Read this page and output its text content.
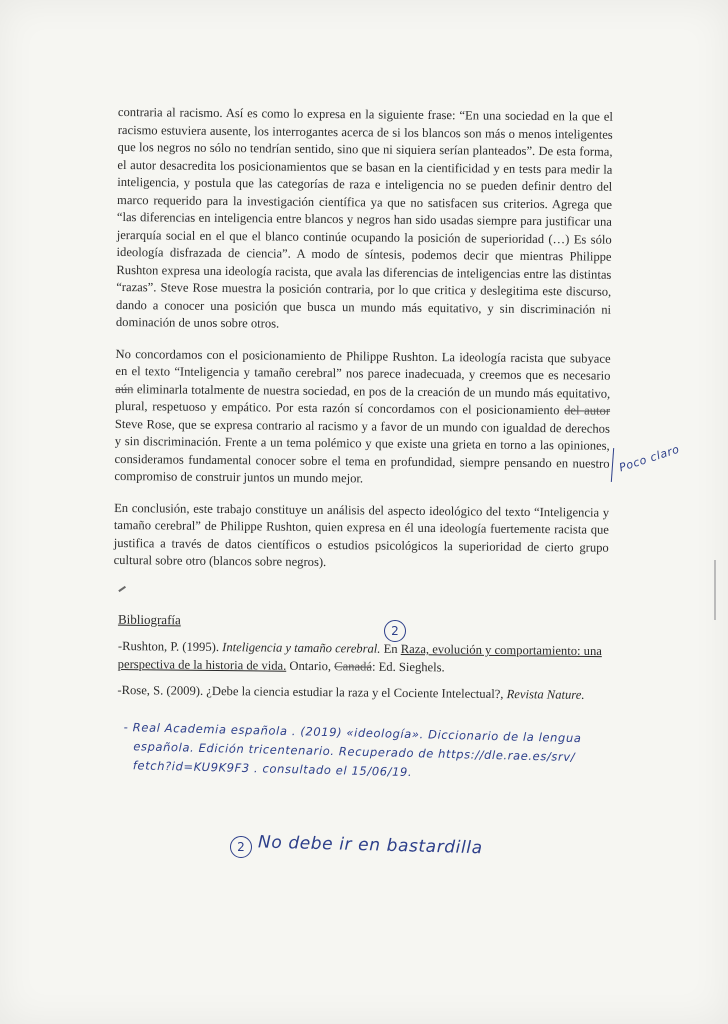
contraria al racismo. Así es como lo expresa en la siguiente frase: “En una sociedad en la que el racismo estuviera ausente, los interrogantes acerca de si los blancos son más o menos inteligentes que los negros no sólo no tendrían sentido, sino que ni siquiera serían planteados”. De esta forma, el autor desacredita los posicionamientos que se basan en la cientificidad y en tests para medir la inteligencia, y postula que las categorías de raza e inteligencia no se pueden definir dentro del marco requerido para la investigación científica ya que no satisfacen sus criterios. Agrega que “las diferencias en inteligencia entre blancos y negros han sido usadas siempre para justificar una jerarquía social en el que el blanco continúe ocupando la posición de superioridad (…) Es sólo ideología disfrazada de ciencia”. A modo de síntesis, podemos decir que mientras Philippe Rushton expresa una ideología racista, que avala las diferencias de inteligencias entre las distintas “razas”. Steve Rose muestra la posición contraria, por lo que critica y deslegitima este discurso, dando a conocer una posición que busca un mundo más equitativo, y sin discriminación ni dominación de unos sobre otros.

No concordamos con el posicionamiento de Philippe Rushton. La ideología racista que subyace en el texto “Inteligencia y tamaño cerebral” nos parece inadecuada, y creemos que es necesario aún eliminarla totalmente de nuestra sociedad, en pos de la creación de un mundo más equitativo, plural, respetuoso y empático. Por esta razón sí concordamos con el posicionamiento del autor Steve Rose, que se expresa contrario al racismo y a favor de un mundo con igualdad de derechos y sin discriminación. Frente a un tema polémico y que existe una grieta en torno a las opiniones, consideramos fundamental conocer sobre el tema en profundidad, siempre pensando en nuestro compromiso de construir juntos un mundo mejor.

En conclusión, este trabajo constituye un análisis del aspecto ideológico del texto “Inteligencia y tamaño cerebral” de Philippe Rushton, quien expresa en él una ideología fuertemente racista que justifica a través de datos científicos o estudios psicológicos la superioridad de cierto grupo cultural sobre otro (blancos sobre negros).

Bibliografía

-Rushton, P. (1995). Inteligencia y tamaño cerebral. En Raza, evolución y comportamiento: una perspectiva de la historia de vida. Ontario, Canadá: Ed. Sieghels.

-Rose, S. (2009). ¿Debe la ciencia estudiar la raza y el Cociente Intelectual?, Revista Nature.

2
- Real Academia española . (2019) «ideología». Diccionario de la lengua
española. Edición tricentenario. Recuperado de https://dle.rae.es/srv/
fetch?id=KU9K9F3 . consultado el 15/06/19.
2 No debe ir en bastardilla
Poco claro
